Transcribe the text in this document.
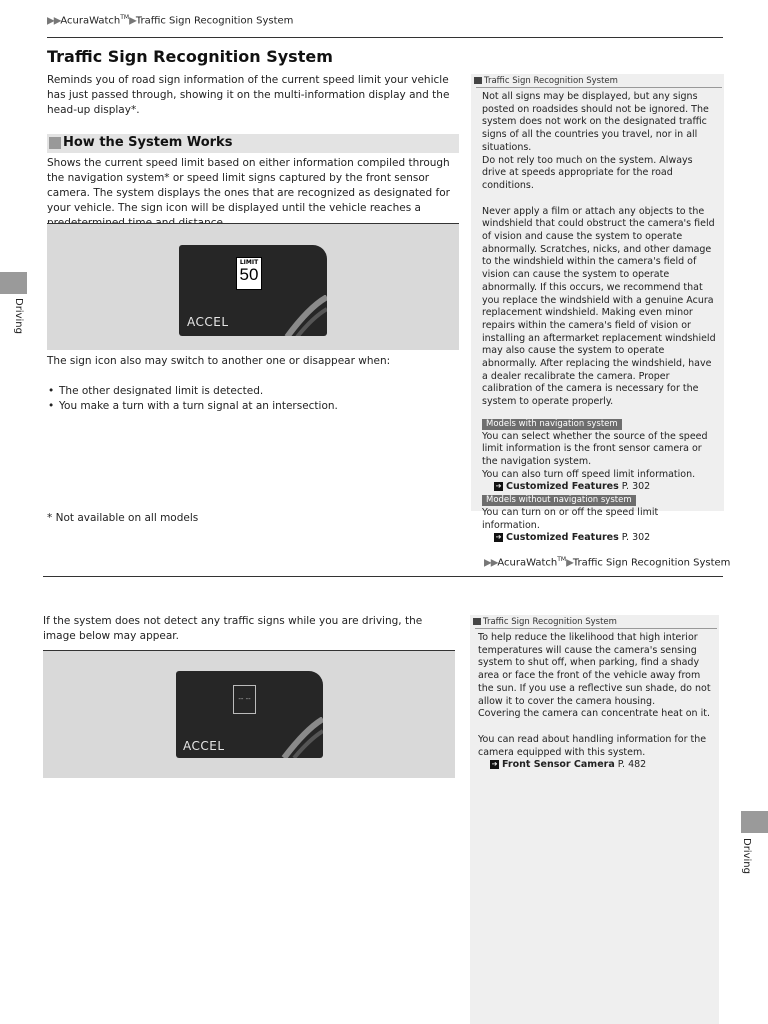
▶▶AcuraWatch™▶Traffic Sign Recognition System
Traffic Sign Recognition System
Reminds you of road sign information of the current speed limit your vehicle has just passed through, showing it on the multi-information display and the head-up display*.
How the System Works
Shows the current speed limit based on either information compiled through the navigation system* or speed limit signs captured by the front sensor camera. The system displays the ones that are recognized as designated for your vehicle. The sign icon will be displayed until the vehicle reaches a
LIMIT
50
ACCEL
The sign icon also may switch to another one or disappear when:
• The other designated limit is detected.
• You make a turn with a turn signal at an intersection.
* Not available on all models
Driving
Traffic Sign Recognition System
Not all signs may be displayed, but any signs posted on roadsides should not be ignored. The system does not work on the designated traffic signs of all the countries you travel, nor in all situations.
Do not rely too much on the system. Always drive at speeds appropriate for the road conditions.
Never apply a film or attach any objects to the windshield that could obstruct the camera's field of vision and cause the system to operate abnormally. Scratches, nicks, and other damage to the windshield within the camera's field of vision can cause the system to operate abnormally. If this occurs, we recommend that you replace the windshield with a genuine Acura replacement windshield. Making even minor repairs within the camera's field of vision or installing an aftermarket replacement windshield may also cause the system to operate abnormally. After replacing the windshield, have a dealer recalibrate the camera. Proper calibration of the camera is necessary for the system to operate properly.
Models with navigation system
You can select whether the source of the speed limit information is the front sensor camera or the navigation system.
You can also turn off speed limit information.
➔ Customized Features P. 302
Models without navigation system
You can turn on or off the speed limit information.
➔ Customized Features P. 302
▶▶AcuraWatch™▶Traffic Sign Recognition System
If the system does not detect any traffic signs while you are driving, the image below may appear.
-- --
ACCEL
Traffic Sign Recognition System
To help reduce the likelihood that high interior temperatures will cause the camera's sensing system to shut off, when parking, find a shady area or face the front of the vehicle away from the sun. If you use a reflective sun shade, do not allow it to cover the camera housing.
Covering the camera can concentrate heat on it.
You can read about handling information for the camera equipped with this system.
➔ Front Sensor Camera P. 482
Driving
